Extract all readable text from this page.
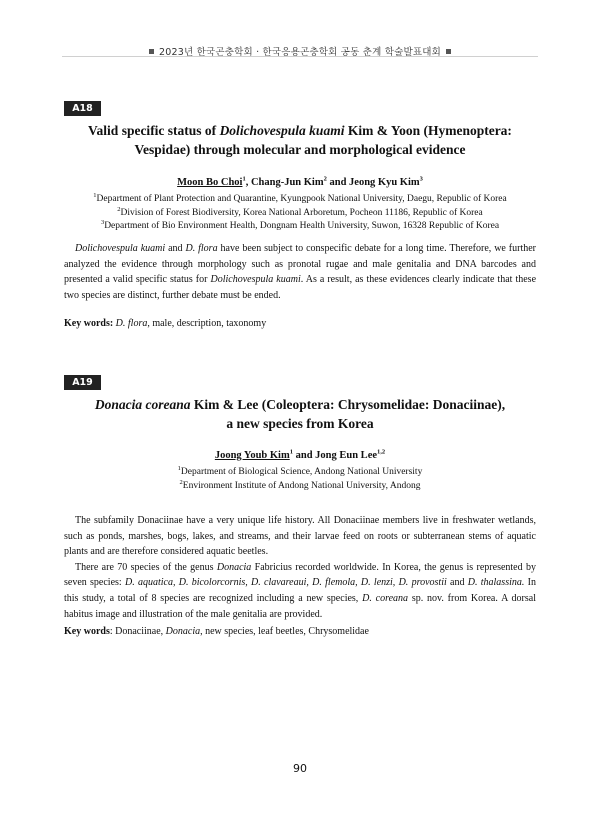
2023년 한국곤충학회 · 한국응용곤충학회 공동 춘계 학술발표대회
A18
Valid specific status of Dolichovespula kuami Kim & Yoon (Hymenoptera:
Vespidae) through molecular and morphological evidence
Moon Bo Choi$^1$, Chang-Jun Kim$^2$ and Jeong Kyu Kim$^3$
$^1$Department of Plant Protection and Quarantine, Kyungpook National University, Daegu, Republic of Korea
$^2$Division of Forest Biodiversity, Korea National Arboretum, Pocheon 11186, Republic of Korea
$^3$Department of Bio Environment Health, Dongnam Health University, Suwon, 16328 Republic of Korea

Dolichovespula kuami and D. flora have been subject to conspecific debate for a long time. Therefore, we further analyzed the evidence through morphology such as pronotal rugae and male genitalia and DNA barcodes and presented a valid specific status for Dolichovespula kuami. As a result, as these evidences clearly indicate that these two species are distinct, further debate must be ended.

Key words: D. flora, male, description, taxonomy
A19
Donacia coreana Kim & Lee (Coleoptera: Chrysomelidae: Donaciinae),
a new species from Korea
Joong Youb Kim$^1$ and Jong Eun Lee$^{1,2}$
$^1$Department of Biological Science, Andong National University
$^2$Environment Institute of Andong National University, Andong

The subfamily Donaciinae have a very unique life history. All Donaciinae members live in freshwater wetlands, such as ponds, marshes, bogs, lakes, and streams, and their larvae feed on roots or subterranean stems of aquatic plants and are therefore considered aquatic beetles.

There are 70 species of the genus Donacia Fabricius recorded worldwide. In Korea, the genus is represented by seven species: D. aquatica, D. bicolorcornis, D. clavareaui, D. flemola, D. lenzi, D. provostii and D. thalassina. In this study, a total of 8 species are recognized including a new species, D. coreana sp. nov. from Korea. A dorsal habitus image and illustration of the male genitalia are provided.

Key words: Donaciinae, Donacia, new species, leaf beetles, Chrysomelidae
90
